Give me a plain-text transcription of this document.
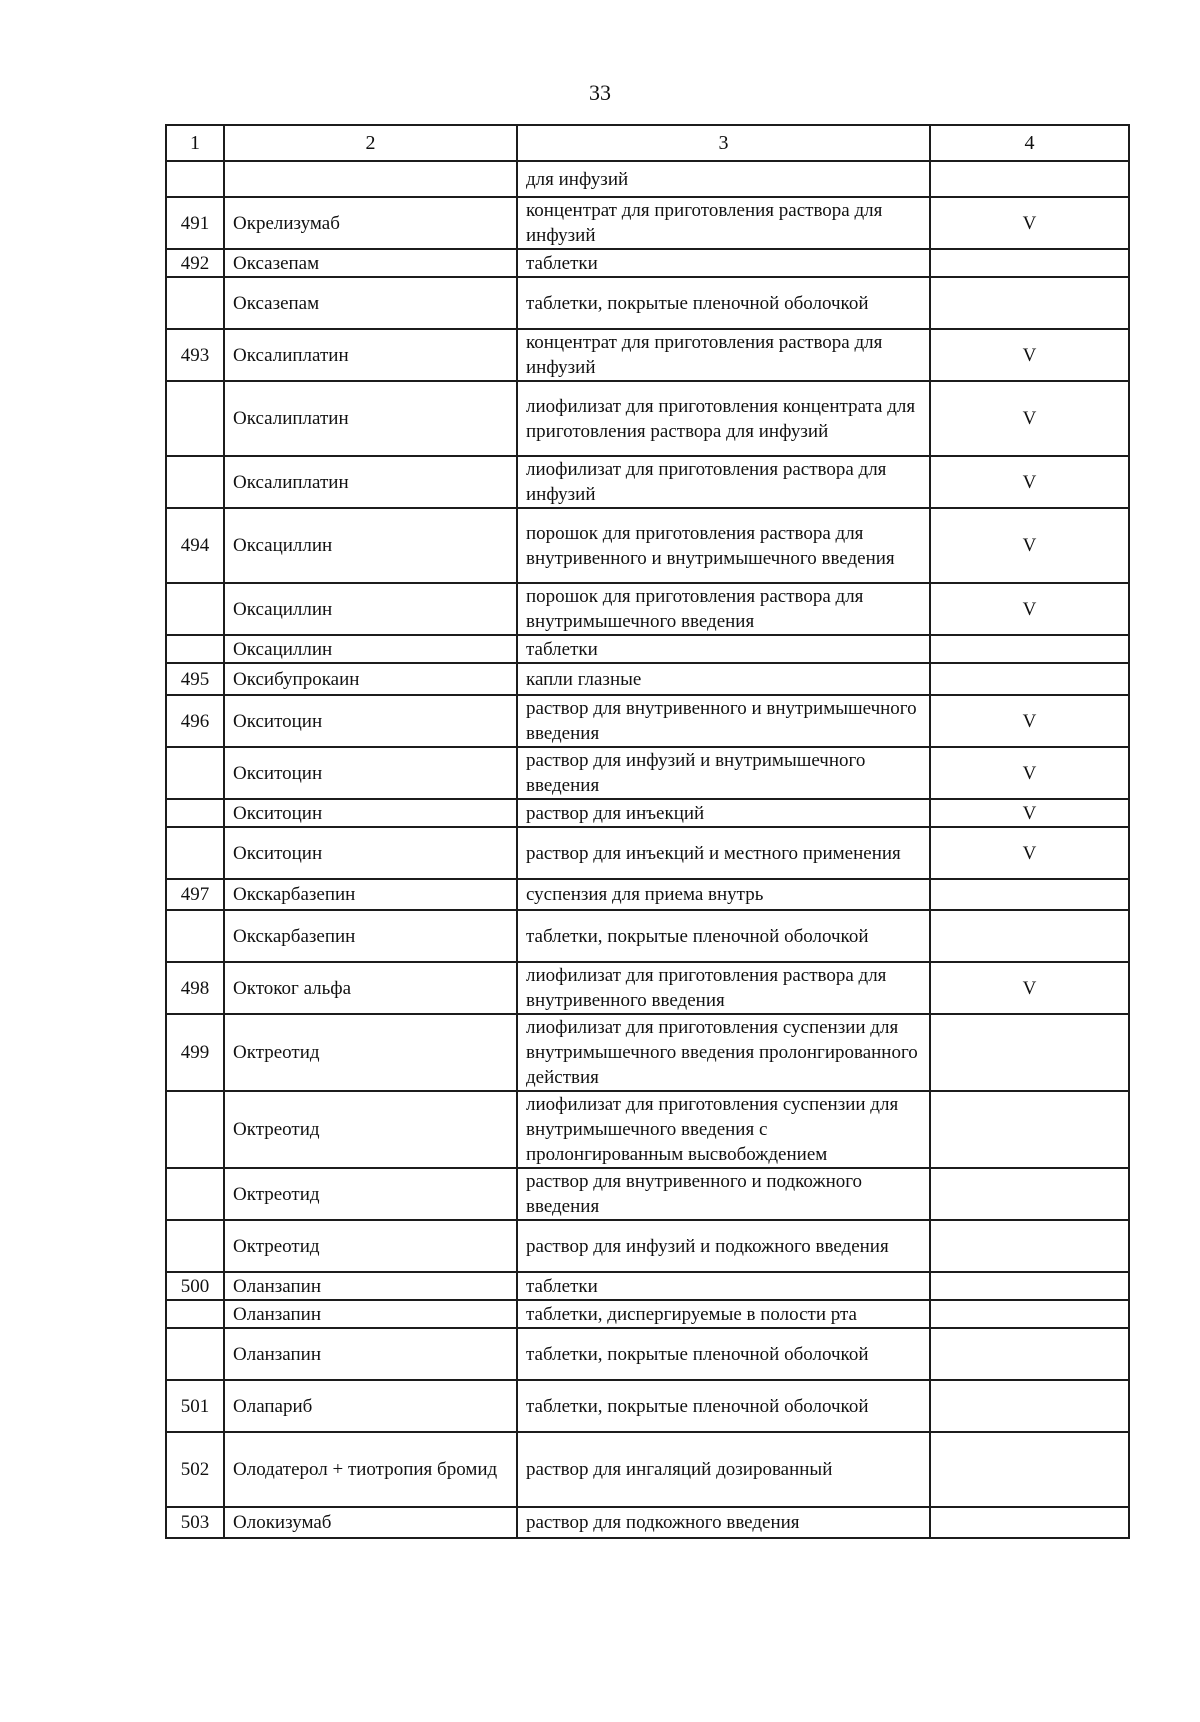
33
1	2	3	4
		для инфузий	
491	Окрелизумаб	концентрат для приготовления раствора для инфузий	V
492	Оксазепам	таблетки	
	Оксазепам	таблетки, покрытые пленочной оболочкой	
493	Оксалиплатин	концентрат для приготовления раствора для инфузий	V
	Оксалиплатин	лиофилизат для приготовления концентрата для приготовления раствора для инфузий	V
	Оксалиплатин	лиофилизат для приготовления раствора для инфузий	V
494	Оксациллин	порошок для приготовления раствора для внутривенного и внутримышечного введения	V
	Оксациллин	порошок для приготовления раствора для внутримышечного введения	V
	Оксациллин	таблетки	
495	Оксибупрокаин	капли глазные	
496	Окситоцин	раствор для внутривенного и внутримышечного введения	V
	Окситоцин	раствор для инфузий и внутримышечного введения	V
	Окситоцин	раствор для инъекций	V
	Окситоцин	раствор для инъекций и местного применения	V
497	Окскарбазепин	суспензия для приема внутрь	
	Окскарбазепин	таблетки, покрытые пленочной оболочкой	
498	Октоког альфа	лиофилизат для приготовления раствора для внутривенного введения	V
499	Октреотид	лиофилизат для приготовления суспензии для внутримышечного введения пролонгированного действия	
	Октреотид	лиофилизат для приготовления суспензии для внутримышечного введения с пролонгированным высвобождением	
	Октреотид	раствор для внутривенного и подкожного введения	
	Октреотид	раствор для инфузий и подкожного введения	
500	Оланзапин	таблетки	
	Оланзапин	таблетки, диспергируемые в полости рта	
	Оланзапин	таблетки, покрытые пленочной оболочкой	
501	Олапариб	таблетки, покрытые пленочной оболочкой	
502	Олодатерол + тиотропия бромид	раствор для ингаляций дозированный	
503	Олокизумаб	раствор для подкожного введения	
